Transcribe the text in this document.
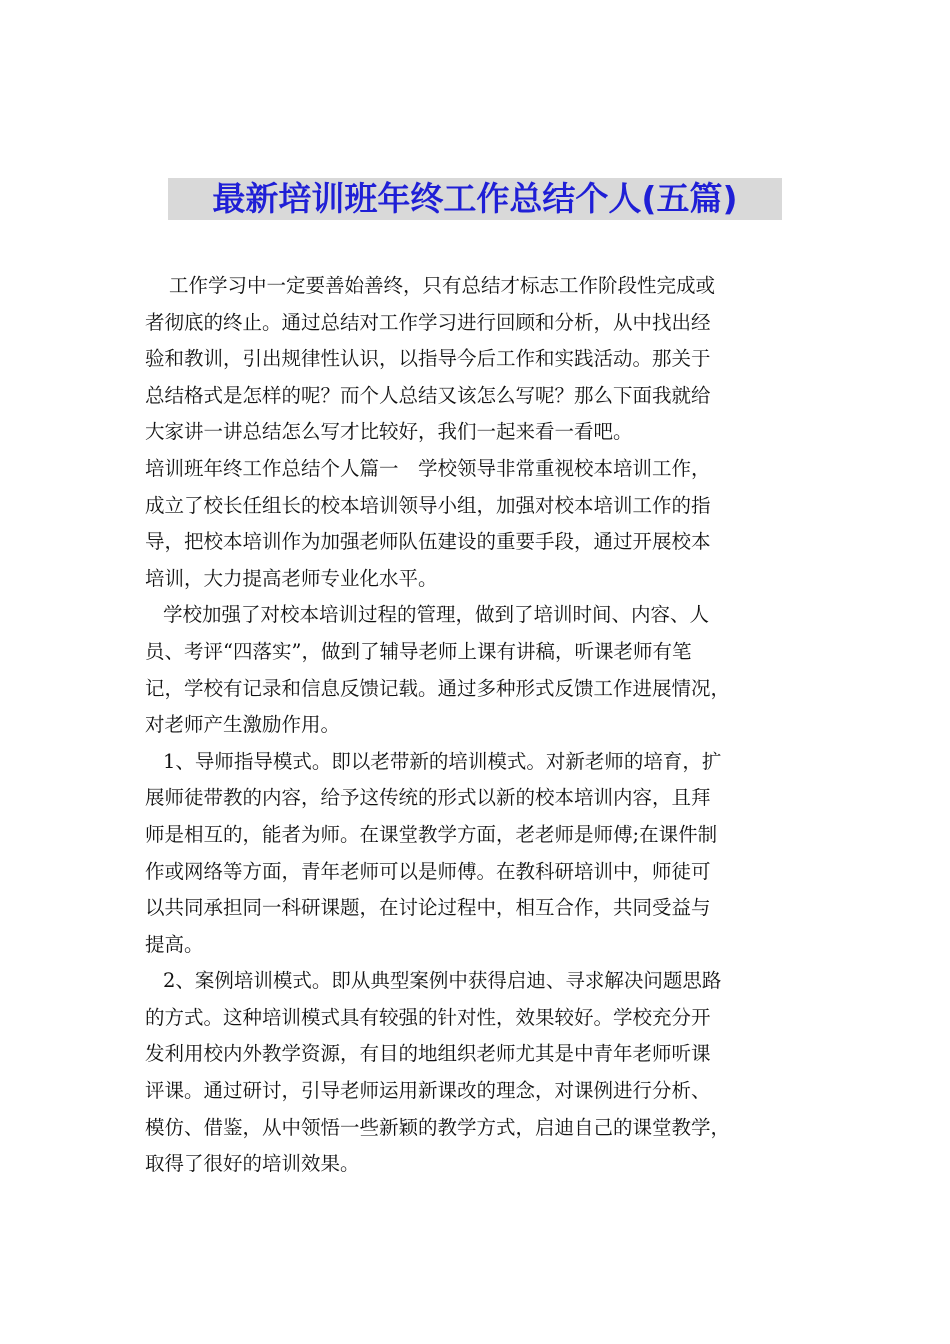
最新培训班年终工作总结个人(五篇)
工作学习中一定要善始善终，只有总结才标志工作阶段性完成或
者彻底的终止。通过总结对工作学习进行回顾和分析，从中找出经
验和教训，引出规律性认识，以指导今后工作和实践活动。那关于
总结格式是怎样的呢？而个人总结又该怎么写呢？那么下面我就给
大家讲一讲总结怎么写才比较好，我们一起来看一看吧。
培训班年终工作总结个人篇一　学校领导非常重视校本培训工作，
成立了校长任组长的校本培训领导小组，加强对校本培训工作的指
导，把校本培训作为加强老师队伍建设的重要手段，通过开展校本
培训，大力提高老师专业化水平。
学校加强了对校本培训过程的管理，做到了培训时间、内容、人
员、考评“四落实”，做到了辅导老师上课有讲稿，听课老师有笔
记，学校有记录和信息反馈记载。通过多种形式反馈工作进展情况，
对老师产生激励作用。
1、导师指导模式。即以老带新的培训模式。对新老师的培育，扩
展师徒带教的内容，给予这传统的形式以新的校本培训内容，且拜
师是相互的，能者为师。在课堂教学方面，老老师是师傅;在课件制
作或网络等方面，青年老师可以是师傅。在教科研培训中，师徒可
以共同承担同一科研课题，在讨论过程中，相互合作，共同受益与
提高。
2、案例培训模式。即从典型案例中获得启迪、寻求解决问题思路
的方式。这种培训模式具有较强的针对性，效果较好。学校充分开
发利用校内外教学资源，有目的地组织老师尤其是中青年老师听课
评课。通过研讨，引导老师运用新课改的理念，对课例进行分析、
模仿、借鉴，从中领悟一些新颖的教学方式，启迪自己的课堂教学，
取得了很好的培训效果。
